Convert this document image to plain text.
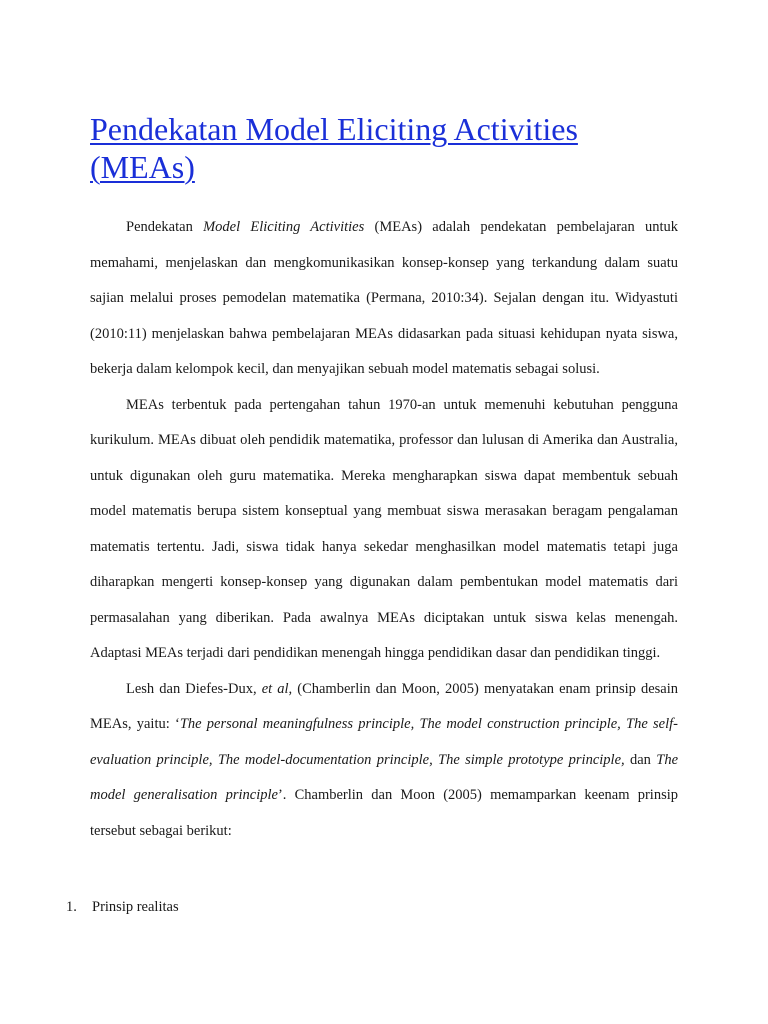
Pendekatan Model Eliciting Activities (MEAs)

Pendekatan Model Eliciting Activities (MEAs) adalah pendekatan pembelajaran untuk memahami, menjelaskan dan mengkomunikasikan konsep-konsep yang terkandung dalam suatu sajian melalui proses pemodelan matematika (Permana, 2010:34). Sejalan dengan itu. Widyastuti (2010:11) menjelaskan bahwa pembelajaran MEAs didasarkan pada situasi kehidupan nyata siswa, bekerja dalam kelompok kecil, dan menyajikan sebuah model matematis sebagai solusi.

MEAs terbentuk pada pertengahan tahun 1970-an untuk memenuhi kebutuhan pengguna kurikulum. MEAs dibuat oleh pendidik matematika, professor dan lulusan di Amerika dan Australia, untuk digunakan oleh guru matematika. Mereka mengharapkan siswa dapat membentuk sebuah model matematis berupa sistem konseptual yang membuat siswa merasakan beragam pengalaman matematis tertentu. Jadi, siswa tidak hanya sekedar menghasilkan model matematis tetapi juga diharapkan mengerti konsep-konsep yang digunakan dalam pembentukan model matematis dari permasalahan yang diberikan. Pada awalnya MEAs diciptakan untuk siswa kelas menengah. Adaptasi MEAs terjadi dari pendidikan menengah hingga pendidikan dasar dan pendidikan tinggi.

Lesh dan Diefes-Dux, et al, (Chamberlin dan Moon, 2005) menyatakan enam prinsip desain MEAs, yaitu: ‘The personal meaningfulness principle, The model construction principle, The self-evaluation principle, The model-documentation principle, The simple prototype principle, dan The model generalisation principle’. Chamberlin dan Moon (2005) memamparkan keenam prinsip tersebut sebagai berikut:

1. Prinsip realitas
